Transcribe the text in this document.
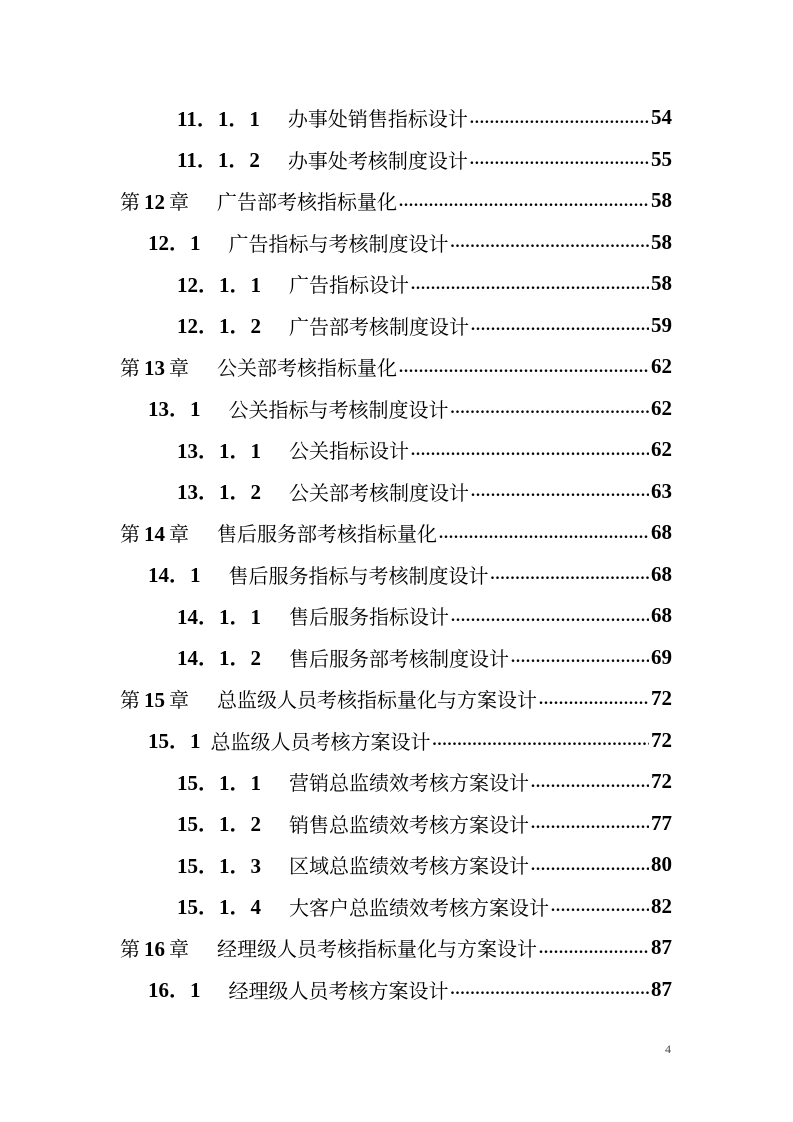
11．1．1 办事处销售指标设计 .....	54
11．1．2 办事处考核制度设计 .....	55
第 12 章 广告部考核指标量化 .....	58
12．1 广告指标与考核制度设计 .....	58
12．1．1 广告指标设计 .....	58
12．1．2 广告部考核制度设计 .....	59
第 13 章 公关部考核指标量化 .....	62
13．1 公关指标与考核制度设计 .....	62
13．1．1 公关指标设计 .....	62
13．1．2 公关部考核制度设计 .....	63
第 14 章 售后服务部考核指标量化 .....	68
14．1 售后服务指标与考核制度设计 .....	68
14．1．1 售后服务指标设计 .....	68
14．1．2 售后服务部考核制度设计 .....	69
第 15 章 总监级人员考核指标量化与方案设计 .....	72
15．1 总监级人员考核方案设计 .....	72
15．1．1 营销总监绩效考核方案设计 .....	72
15．1．2 销售总监绩效考核方案设计 .....	77
15．1．3 区域总监绩效考核方案设计 .....	80
15．1．4 大客户总监绩效考核方案设计 .....	82
第 16 章 经理级人员考核指标量化与方案设计 .....	87
16．1 经理级人员考核方案设计 .....	87
4
